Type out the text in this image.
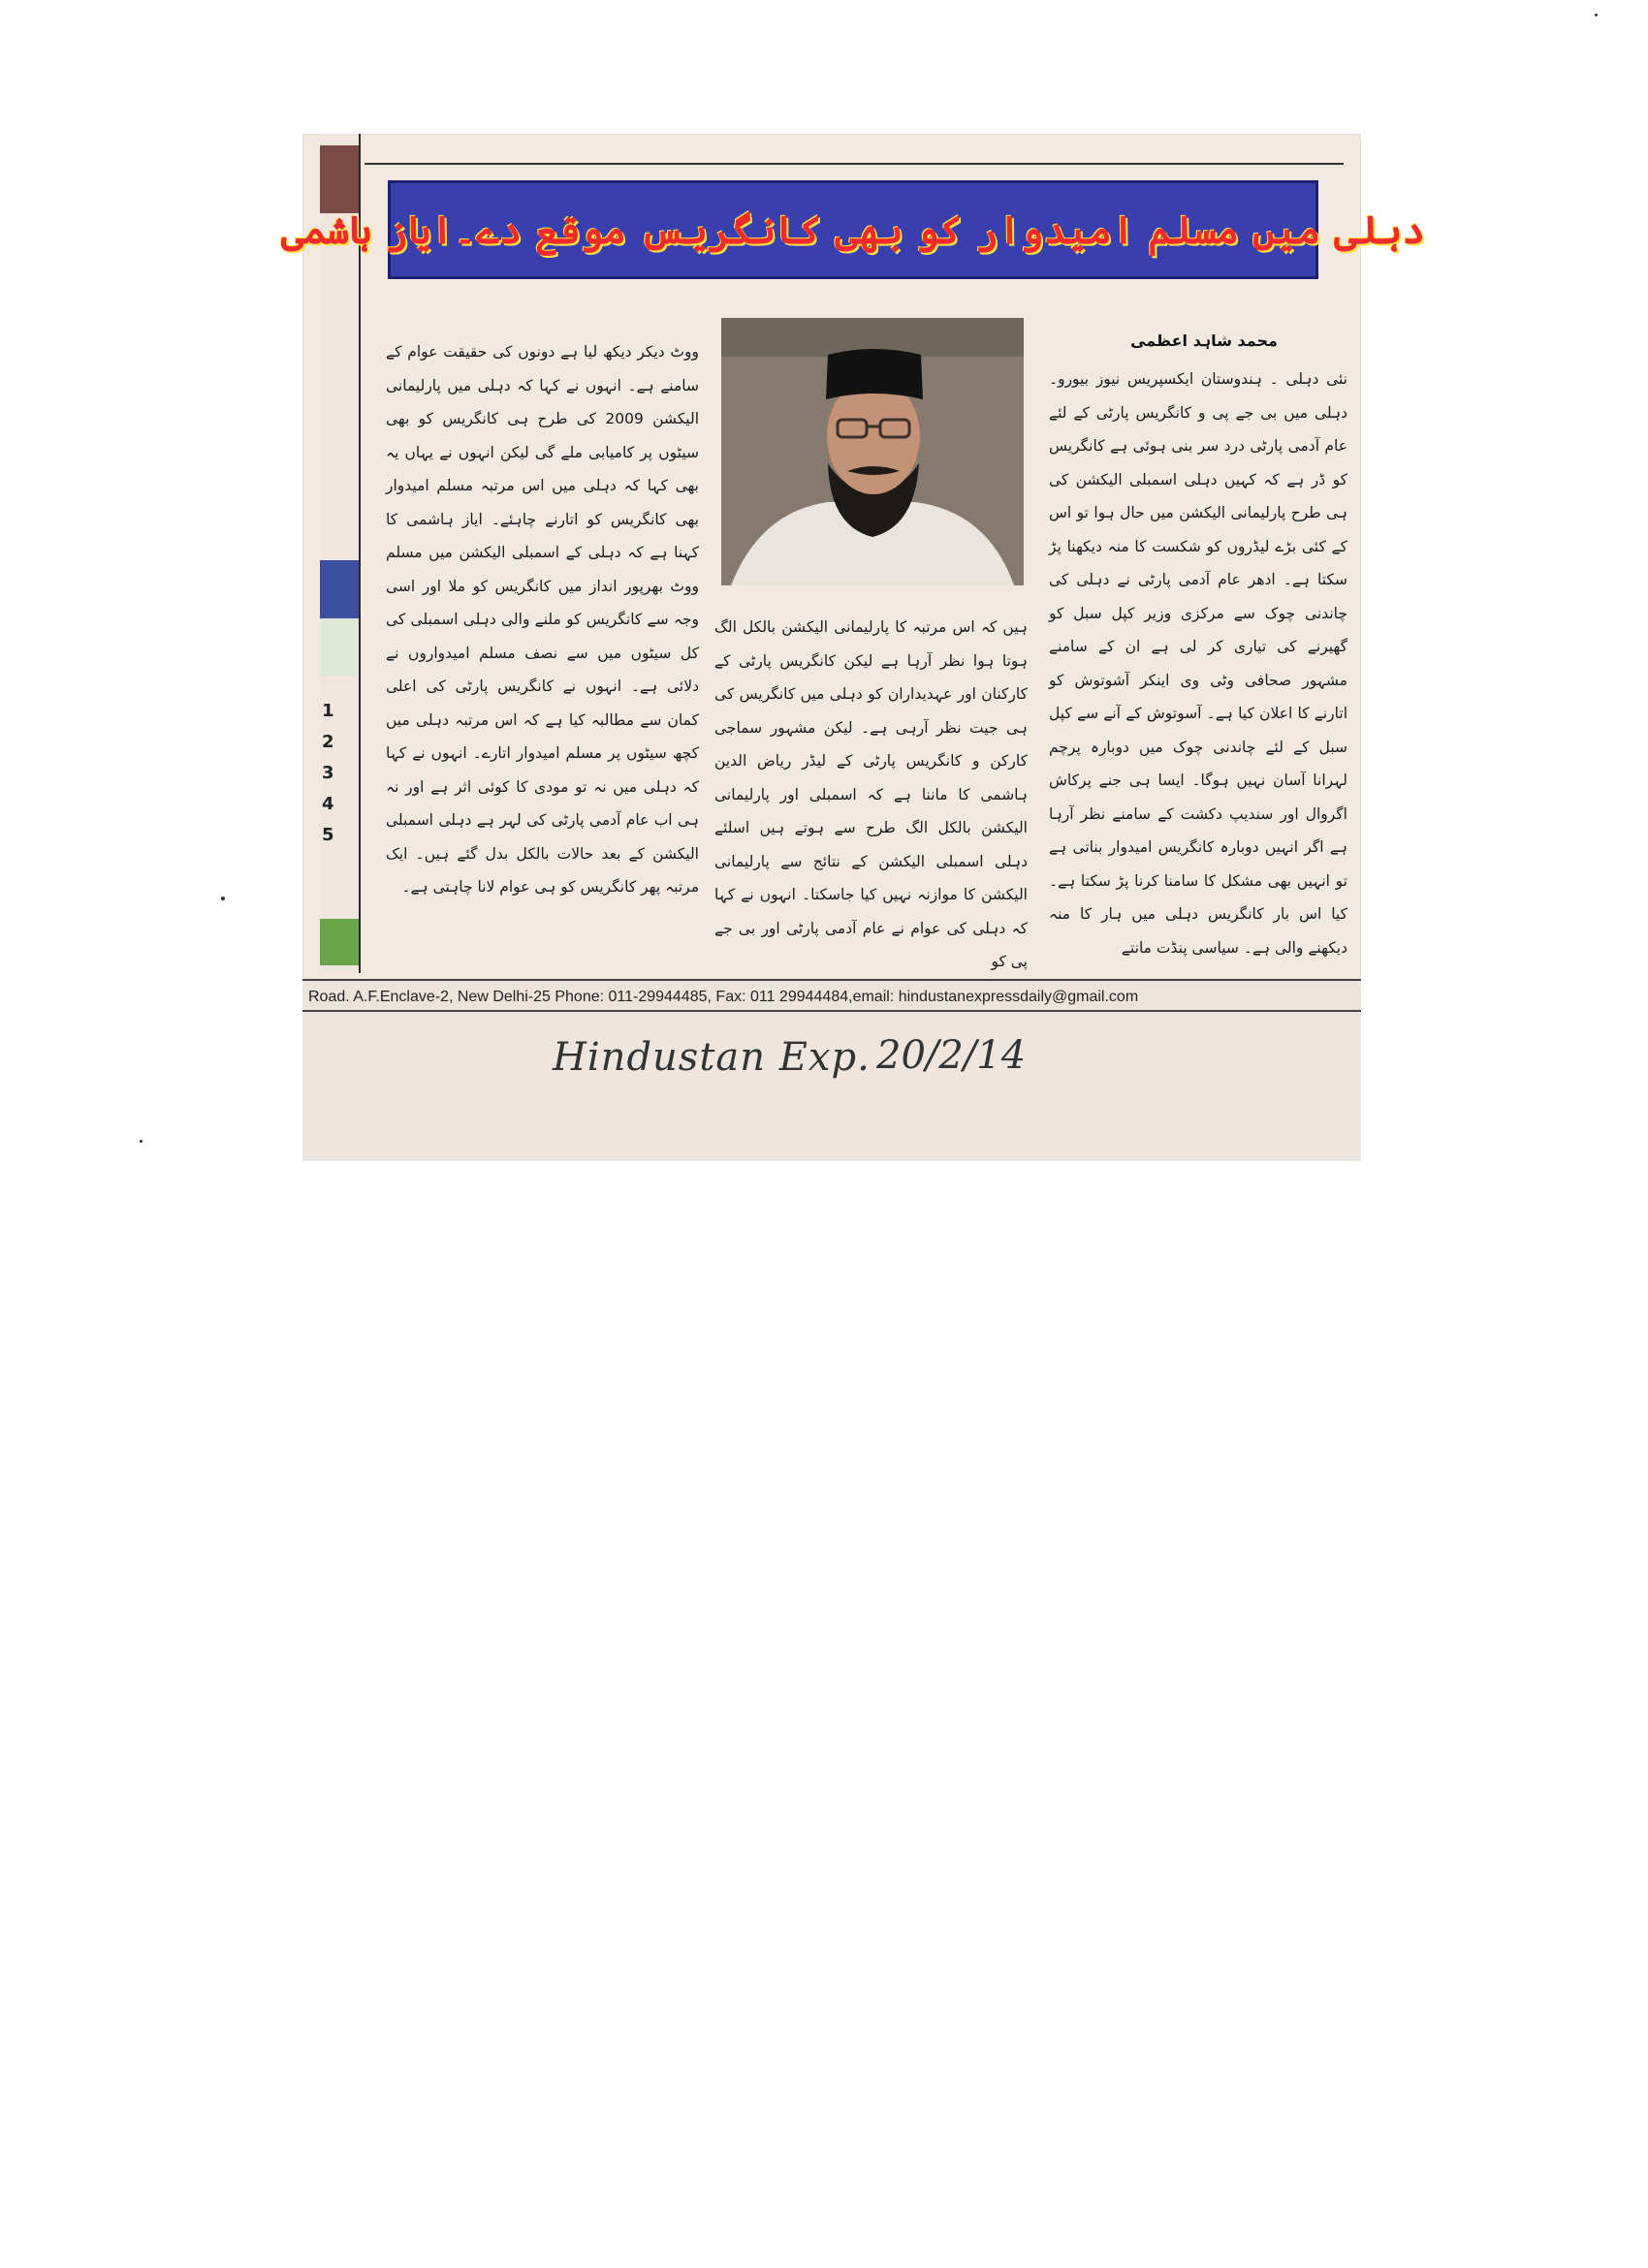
1
2
3
4
5
دہلی میں مسلم امیدوار کو بھی کانگریس موقع دے۔ایاز ہاشمی
محمد شاہد اعظمی
نئی دہلی ۔ ہندوستان ایکسپریس نیوز بیورو۔ دہلی میں بی جے پی و کانگریس پارٹی کے لئے عام آدمی پارٹی درد سر بنی ہوئی ہے کانگریس کو ڈر ہے کہ کہیں دہلی اسمبلی الیکشن کی ہی طرح پارلیمانی الیکشن میں حال ہوا تو اس کے کئی بڑے لیڈروں کو شکست کا منہ دیکھنا پڑ سکتا ہے۔ ادھر عام آدمی پارٹی نے دہلی کی چاندنی چوک سے مرکزی وزیر کپل سبل کو گھیرنے کی تیاری کر لی ہے ان کے سامنے مشہور صحافی وٹی وی اینکر آشوتوش کو اتارنے کا اعلان کیا ہے۔ آسوتوش کے آنے سے کپل سبل کے لئے چاندنی چوک میں دوبارہ پرچم لہرانا آسان نہیں ہوگا۔ ایسا ہی جنے پرکاش اگروال اور سندیپ دکشت کے سامنے نظر آرہا ہے اگر انہیں دوبارہ کانگریس امیدوار بناتی ہے تو انہیں بھی مشکل کا سامنا کرنا پڑ سکتا ہے۔ کیا اس بار کانگریس دہلی میں ہار کا منہ دیکھنے والی ہے۔ سیاسی پنڈت مانتے
ہیں کہ اس مرتبہ کا پارلیمانی الیکشن بالکل الگ ہوتا ہوا نظر آرہا ہے لیکن کانگریس پارٹی کے کارکنان اور عہدیداران کو دہلی میں کانگریس کی ہی جیت نظر آرہی ہے۔ لیکن مشہور سماجی کارکن و کانگریس پارٹی کے لیڈر ریاض الدین ہاشمی کا ماننا ہے کہ اسمبلی اور پارلیمانی الیکشن بالکل الگ طرح سے ہوتے ہیں اسلئے دہلی اسمبلی الیکشن کے نتائج سے پارلیمانی الیکشن کا موازنہ نہیں کیا جاسکتا۔ انہوں نے کہا کہ دہلی کی عوام نے عام آدمی پارٹی اور بی جے پی کو
ووٹ دیکر دیکھ لیا ہے دونوں کی حقیقت عوام کے سامنے ہے۔ انہوں نے کہا کہ دہلی میں پارلیمانی الیکشن 2009 کی طرح ہی کانگریس کو بھی سیٹوں پر کامیابی ملے گی لیکن انہوں نے یہاں یہ بھی کہا کہ دہلی میں اس مرتبہ مسلم امیدوار بھی کانگریس کو اتارنے چاہئے۔ ایاز ہاشمی کا کہنا ہے کہ دہلی کے اسمبلی الیکشن میں مسلم ووٹ بھرپور انداز میں کانگریس کو ملا اور اسی وجہ سے کانگریس کو ملنے والی دہلی اسمبلی کی کل سیٹوں میں سے نصف مسلم امیدواروں نے دلائی ہے۔ انہوں نے کانگریس پارٹی کی اعلی کمان سے مطالبہ کیا ہے کہ اس مرتبہ دہلی میں کچھ سیٹوں پر مسلم امیدوار اتارے۔ انہوں نے کہا کہ دہلی میں نہ تو مودی کا کوئی اثر ہے اور نہ ہی اب عام آدمی پارٹی کی لہر ہے دہلی اسمبلی الیکشن کے بعد حالات بالکل بدل گئے ہیں۔ ایک مرتبہ پھر کانگریس کو ہی عوام لانا چاہتی ہے۔
Road. A.F.Enclave-2, New Delhi-25 Phone: 011-29944485, Fax: 011 29944484,email: hindustanexpressdaily@gmail.com
Hindustan Exp. 20/2/14
